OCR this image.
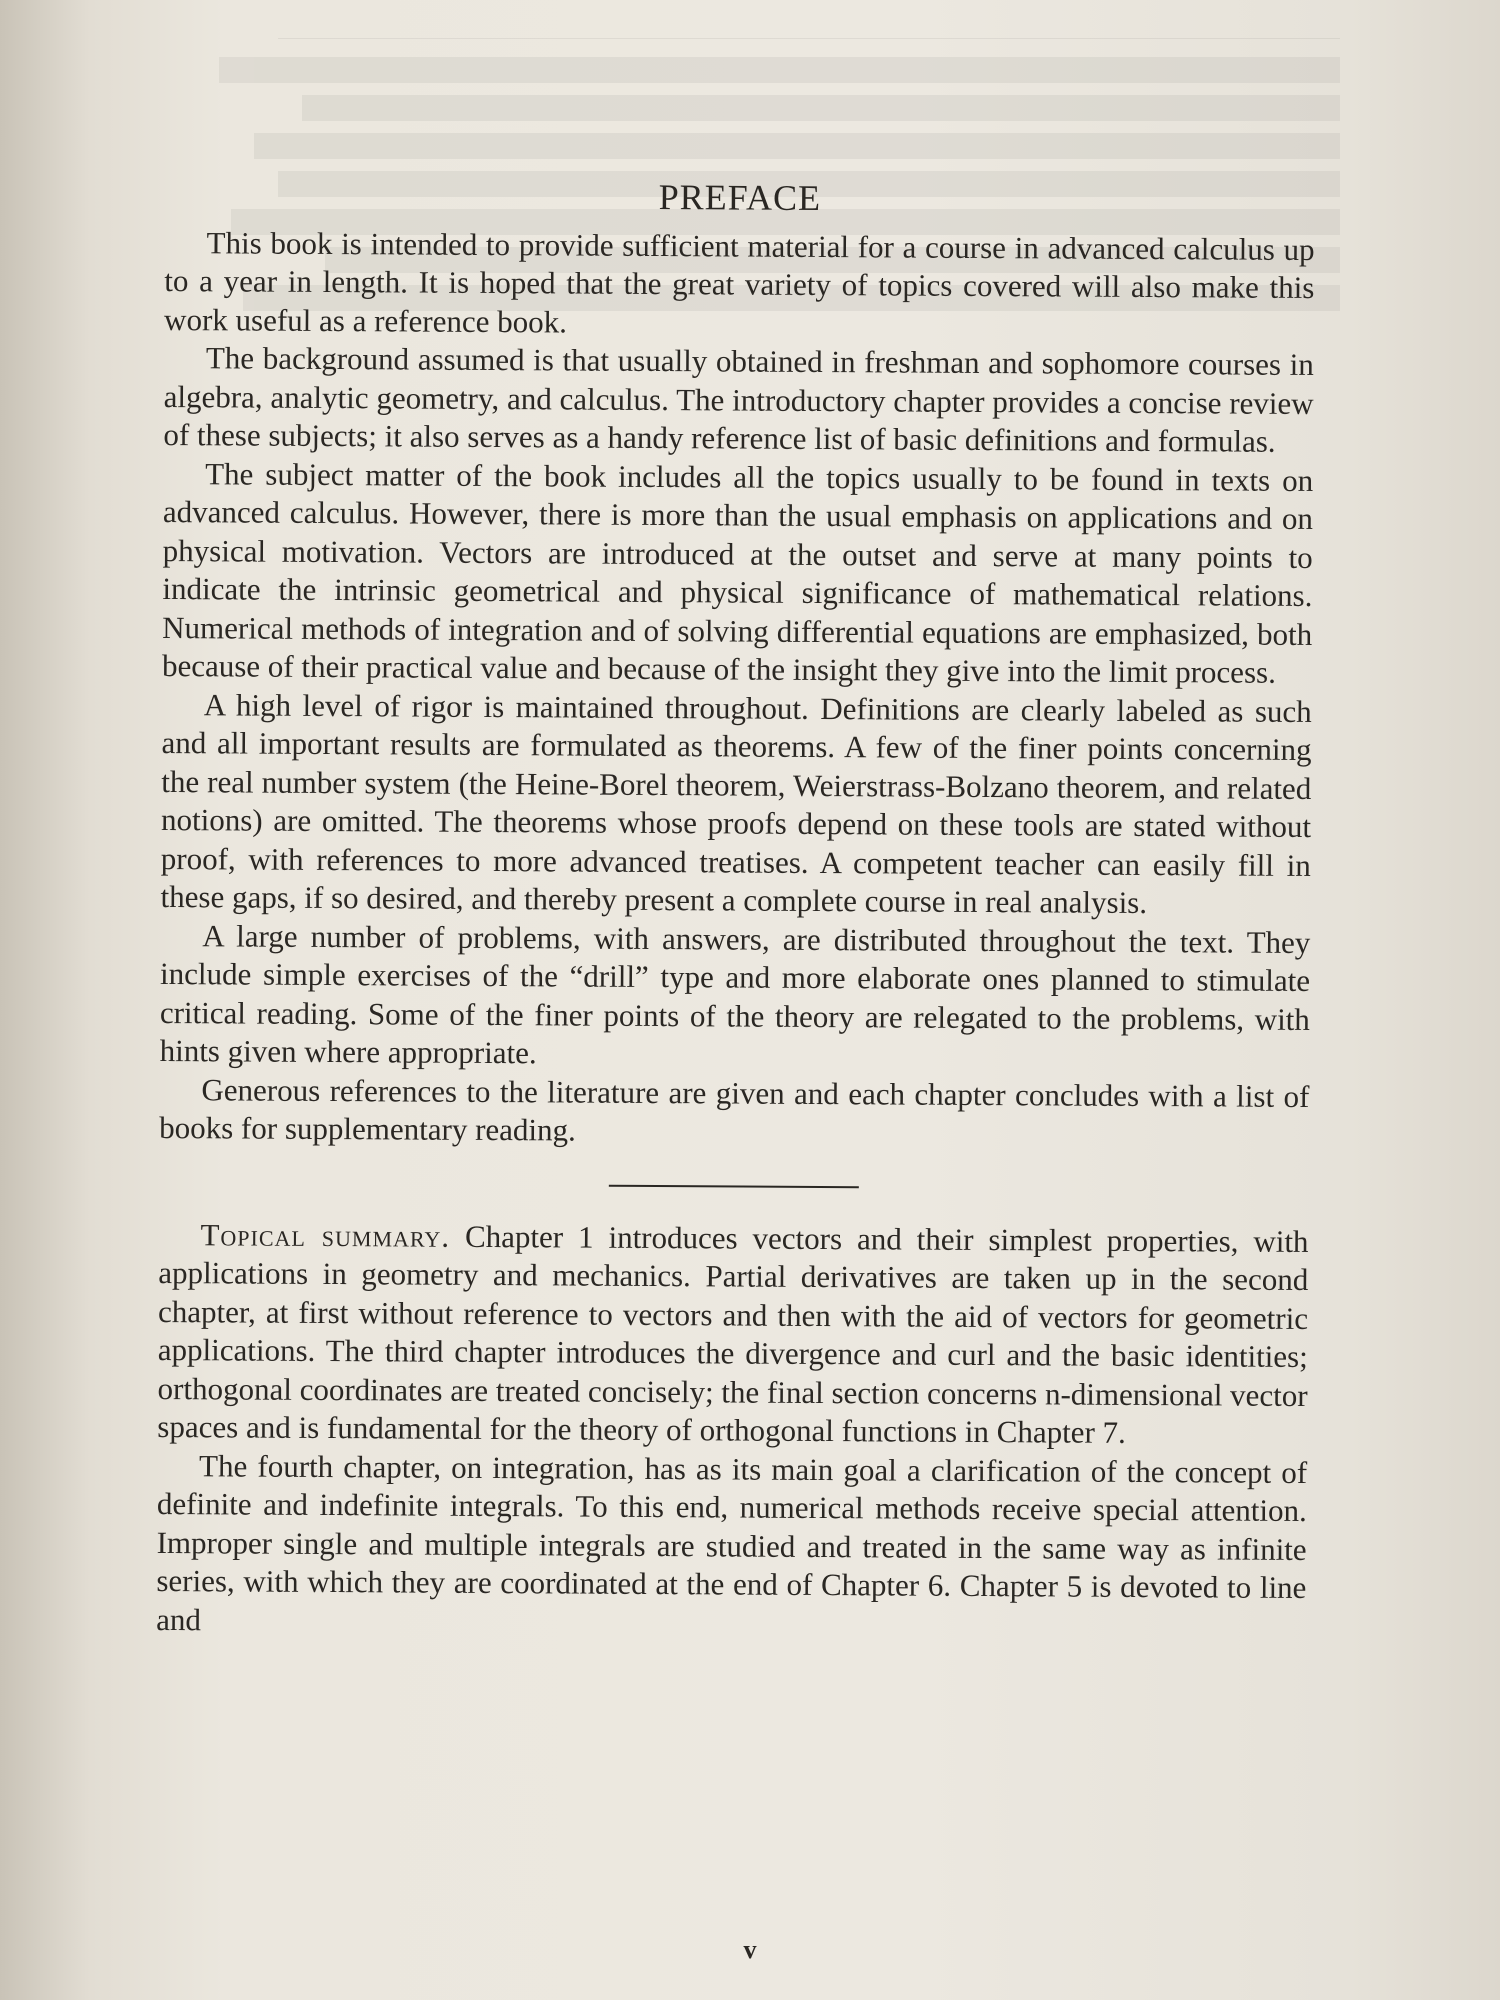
PREFACE

This book is intended to provide sufficient material for a course in advanced calculus up to a year in length. It is hoped that the great variety of topics covered will also make this work useful as a reference book.

The background assumed is that usually obtained in freshman and sophomore courses in algebra, analytic geometry, and calculus. The introductory chapter provides a concise review of these subjects; it also serves as a handy reference list of basic definitions and formulas.

The subject matter of the book includes all the topics usually to be found in texts on advanced calculus. However, there is more than the usual emphasis on applications and on physical motivation. Vectors are introduced at the outset and serve at many points to indicate the intrinsic geometrical and physical significance of mathematical relations. Numerical methods of integration and of solving differential equations are emphasized, both because of their practical value and because of the insight they give into the limit process.

A high level of rigor is maintained throughout. Definitions are clearly labeled as such and all important results are formulated as theorems. A few of the finer points concerning the real number system (the Heine-Borel theorem, Weierstrass-Bolzano theorem, and related notions) are omitted. The theorems whose proofs depend on these tools are stated without proof, with references to more advanced treatises. A competent teacher can easily fill in these gaps, if so desired, and thereby present a complete course in real analysis.

A large number of problems, with answers, are distributed throughout the text. They include simple exercises of the “drill” type and more elaborate ones planned to stimulate critical reading. Some of the finer points of the theory are relegated to the problems, with hints given where appropriate.

Generous references to the literature are given and each chapter concludes with a list of books for supplementary reading.

Topical summary. Chapter 1 introduces vectors and their simplest properties, with applications in geometry and mechanics. Partial derivatives are taken up in the second chapter, at first without reference to vectors and then with the aid of vectors for geometric applications. The third chapter introduces the divergence and curl and the basic identities; orthogonal coordinates are treated concisely; the final section concerns n-dimensional vector spaces and is fundamental for the theory of orthogonal functions in Chapter 7.

The fourth chapter, on integration, has as its main goal a clarification of the concept of definite and indefinite integrals. To this end, numerical methods receive special attention. Improper single and multiple integrals are studied and treated in the same way as infinite series, with which they are coordinated at the end of Chapter 6. Chapter 5 is devoted to line and

v
